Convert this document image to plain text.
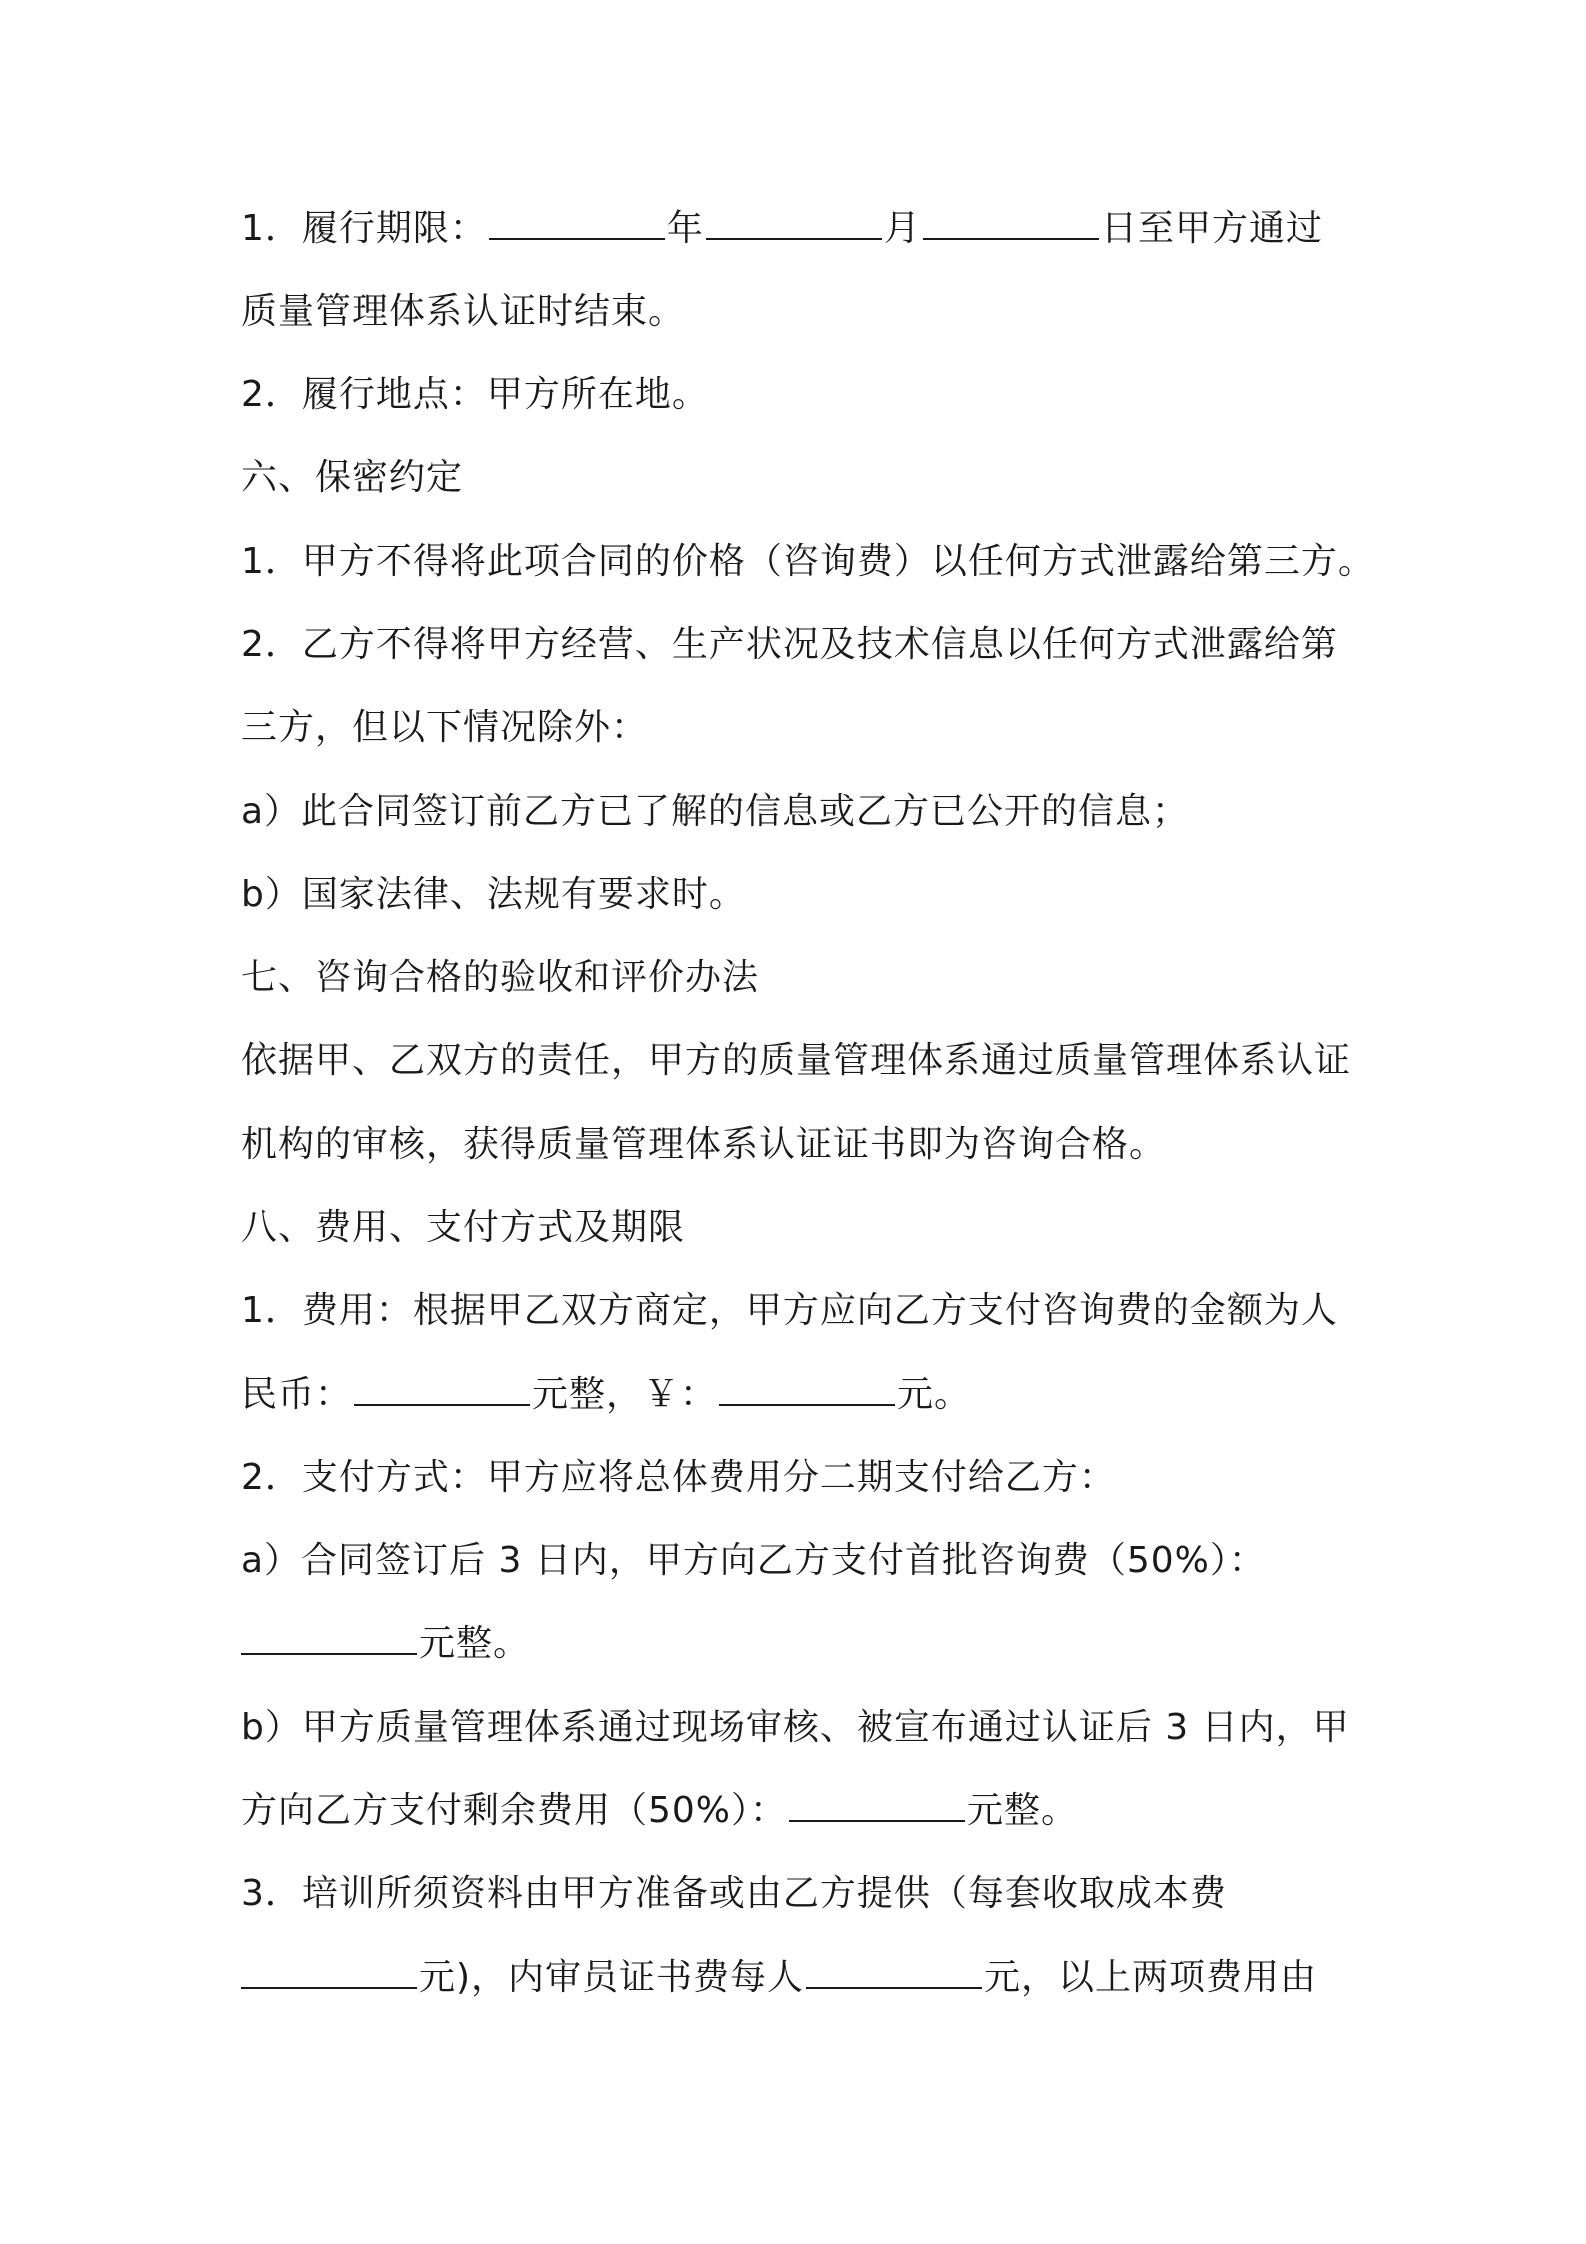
1．履行期限：	年	月	日至甲方通过
质量管理体系认证时结束。
2．履行地点：甲方所在地。
六、保密约定
1．甲方不得将此项合同的价格（咨询费）以任何方式泄露给第三方。
2．乙方不得将甲方经营、生产状况及技术信息以任何方式泄露给第
三方，但以下情况除外：
a）此合同签订前乙方已了解的信息或乙方已公开的信息；
b）国家法律、法规有要求时。
七、咨询合格的验收和评价办法
依据甲、乙双方的责任，甲方的质量管理体系通过质量管理体系认证
机构的审核，获得质量管理体系认证证书即为咨询合格。
八、费用、支付方式及期限
1．费用：根据甲乙双方商定，甲方应向乙方支付咨询费的金额为人
民币：	元整，￥：	元。
2．支付方式：甲方应将总体费用分二期支付给乙方：
a）合同签订后 3 日内，甲方向乙方支付首批咨询费（50%）：
元整。
b）甲方质量管理体系通过现场审核、被宣布通过认证后 3 日内，甲
方向乙方支付剩余费用（50%）：	元整。
3．培训所须资料由甲方准备或由乙方提供（每套收取成本费
元)，内审员证书费每人	元，以上两项费用由
